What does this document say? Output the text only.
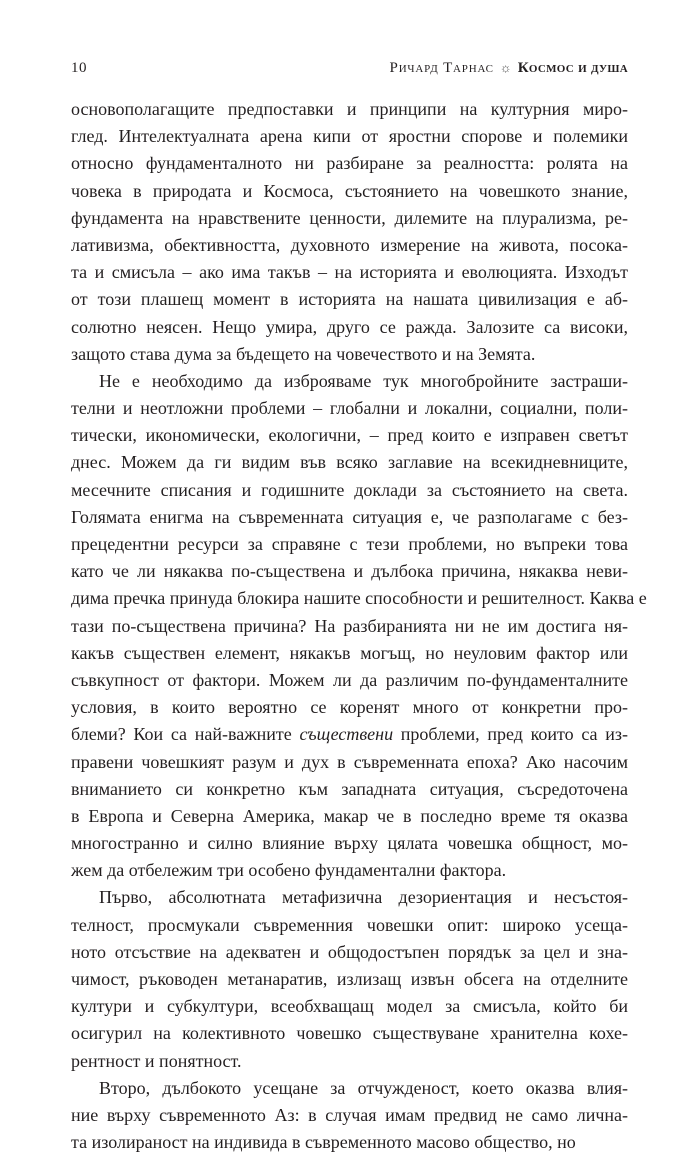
10	Ричард Тарнас ☼ Космос и душа
основополагащите предпоставки и принципи на културния миро-
глед. Интелектуалната арена кипи от яростни спорове и полемики
относно фундаменталното ни разбиране за реалността: ролята на
човека в природата и Космоса, състоянието на човешкото знание,
фундамента на нравствените ценности, дилемите на плурализма, ре-
лативизма, обективността, духовното измерение на живота, посока-
та и смисъла – ако има такъв – на историята и еволюцията. Изходът
от този плашещ момент в историята на нашата цивилизация е аб-
солютно неясен. Нещо умира, друго се ражда. Залозите са високи,
защото става дума за бъдещето на човечеството и на Земята.
Не е необходимо да изброяваме тук многобройните застраши-
телни и неотложни проблеми – глобални и локални, социални, поли-
тически, икономически, екологични, – пред които е изправен светът
днес. Можем да ги видим във всяко заглавие на всекидневниците,
месечните списания и годишните доклади за състоянието на света.
Голямата енигма на съвременната ситуация е, че разполагаме с без-
прецедентни ресурси за справяне с тези проблеми, но въпреки това
като че ли някаква по-съществена и дълбока причина, някаква неви-
дима пречка принуда блокира нашите способности и решителност. Каква е
тази по-съществена причина? На разбиранията ни не им достига ня-
какъв съществен елемент, някакъв могъщ, но неуловим фактор или
съвкупност от фактори. Можем ли да различим по-фундаменталните
условия, в които вероятно се коренят много от конкретни про-
блеми? Кои са най-важните съществени проблеми, пред които са из-
правени човешкият разум и дух в съвременната епоха? Ако насочим
вниманието си конкретно към западната ситуация, съсредоточена
в Европа и Северна Америка, макар че в последно време тя оказва
многостранно и силно влияние върху цялата човешка общност, мо-
жем да отбележим три особено фундаментални фактора.
Първо, абсолютната метафизична дезориентация и несъстоя-
телност, просмукали съвременния човешки опит: широко усеща-
ното отсъствие на адекватен и общодостъпен порядък за цел и зна-
чимост, ръководен метанаратив, излизащ извън обсега на отделните
култури и субкултури, всеобхващащ модел за смисъла, който би
осигурил на колективното човешко съществуване хранителна кохе-
рентност и понятност.
Второ, дълбокото усещане за отчужденост, което оказва влия-
ние върху съвременното Аз: в случая имам предвид не само лична-
та изолираност на индивида в съвременното масово общество, но
